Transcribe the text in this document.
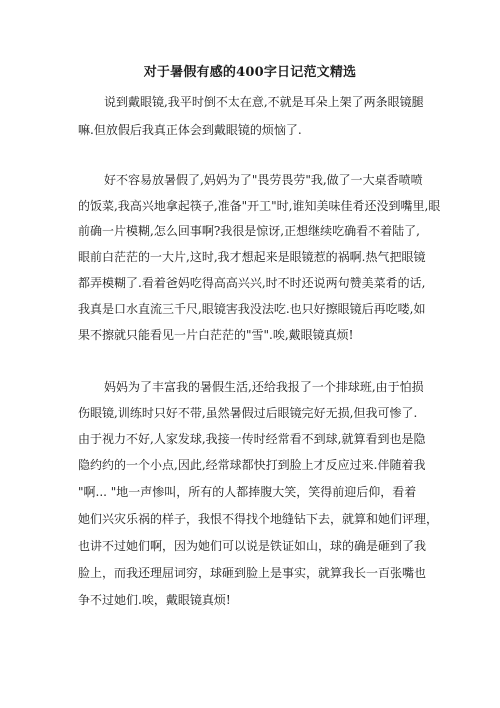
对于暑假有感的400字日记范文精选
说到戴眼镜,我平时倒不太在意,不就是耳朵上架了两条眼镜腿
嘛.但放假后我真正体会到戴眼镜的烦恼了.
好不容易放暑假了,妈妈为了"畏劳畏劳"我,做了一大桌香喷喷
的饭菜,我高兴地拿起筷子,准备"开工"时,谁知美味佳肴还没到嘴里,眼
前确一片模糊,怎么回事啊?我很是惊讶,正想继续吃确看不着陆了,
眼前白茫茫的一大片,这时,我才想起来是眼镜惹的祸啊.热气把眼镜
都弄模糊了.看着爸妈吃得高高兴兴,时不时还说两句赞美菜肴的话,
我真是口水直流三千尺,眼镜害我没法吃.也只好擦眼镜后再吃喽,如
果不擦就只能看见一片白茫茫的"雪".唉,戴眼镜真烦!
妈妈为了丰富我的暑假生活,还给我报了一个排球班,由于怕损
伤眼镜,训练时只好不带,虽然暑假过后眼镜完好无损,但我可惨了.
由于视力不好,人家发球,我接一传时经常看不到球,就算看到也是隐
隐约约的一个小点,因此,经常球都快打到脸上才反应过来.伴随着我
"啊... "地一声惨叫，所有的人都捧腹大笑，笑得前迎后仰，看着
她们兴灾乐祸的样子，我恨不得找个地缝钻下去，就算和她们评理，
也讲不过她们啊，因为她们可以说是铁证如山，球的确是砸到了我
脸上，而我还理屈词穷，球砸到脸上是事实，就算我长一百张嘴也
争不过她们.唉，戴眼镜真烦!
